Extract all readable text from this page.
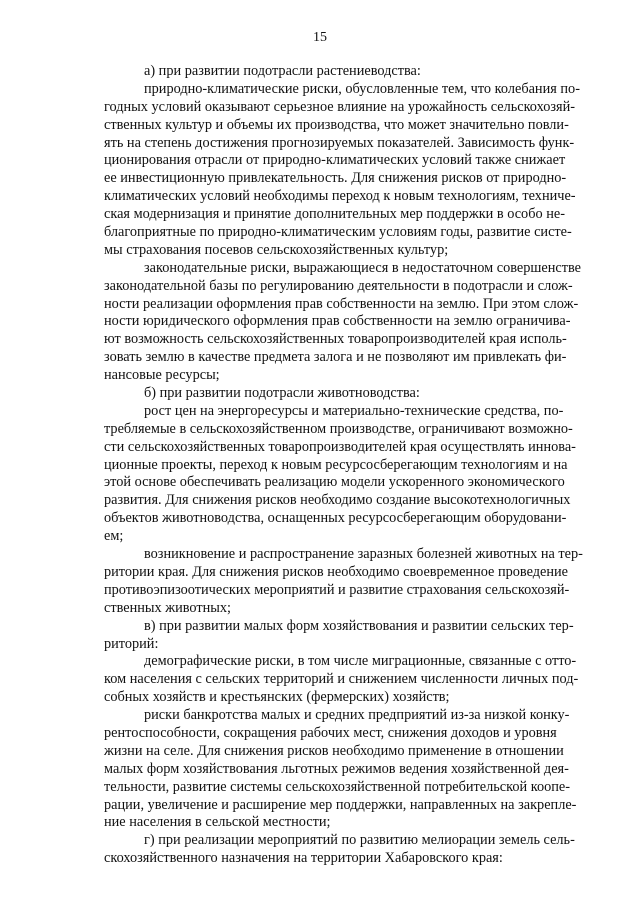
15
а) при развитии подотрасли растениеводства:
природно-климатические риски, обусловленные тем, что колебания по-
годных условий оказывают серьезное влияние на урожайность сельскохозяй-
ственных культур и объемы их производства, что может значительно повли-
ять на степень достижения прогнозируемых показателей. Зависимость функ-
ционирования отрасли от природно-климатических условий также снижает
ее инвестиционную привлекательность. Для снижения рисков от природно-
климатических условий необходимы переход к новым технологиям, техниче-
ская модернизация и принятие дополнительных мер поддержки в особо не-
благоприятные по природно-климатическим условиям годы, развитие систе-
мы страхования посевов сельскохозяйственных культур;
законодательные риски, выражающиеся в недостаточном совершенстве
законодательной базы по регулированию деятельности в подотрасли и слож-
ности реализации оформления прав собственности на землю. При этом слож-
ности юридического оформления прав собственности на землю ограничива-
ют возможность сельскохозяйственных товаропроизводителей края исполь-
зовать землю в качестве предмета залога и не позволяют им привлекать фи-
нансовые ресурсы;
б) при развитии подотрасли животноводства:
рост цен на энергоресурсы и материально-технические средства, по-
требляемые в сельскохозяйственном производстве, ограничивают возможно-
сти сельскохозяйственных товаропроизводителей края осуществлять иннова-
ционные проекты, переход к новым ресурсосберегающим технологиям и на
этой основе обеспечивать реализацию модели ускоренного экономического
развития. Для снижения рисков необходимо создание высокотехнологичных
объектов животноводства, оснащенных ресурсосберегающим оборудовани-
ем;
возникновение и распространение заразных болезней животных на тер-
ритории края. Для снижения рисков необходимо своевременное проведение
противоэпизоотических мероприятий и развитие страхования сельскохозяй-
ственных животных;
в) при развитии малых форм хозяйствования и развитии сельских тер-
риторий:
демографические риски, в том числе миграционные, связанные с отто-
ком населения с сельских территорий и снижением численности личных под-
собных хозяйств и крестьянских (фермерских) хозяйств;
риски банкротства малых и средних предприятий из-за низкой конку-
рентоспособности, сокращения рабочих мест, снижения доходов и уровня
жизни на селе. Для снижения рисков необходимо применение в отношении
малых форм хозяйствования льготных режимов ведения хозяйственной дея-
тельности, развитие системы сельскохозяйственной потребительской коопе-
рации, увеличение и расширение мер поддержки, направленных на закрепле-
ние населения в сельской местности;
г) при реализации мероприятий по развитию мелиорации земель сель-
скохозяйственного назначения на территории Хабаровского края:
